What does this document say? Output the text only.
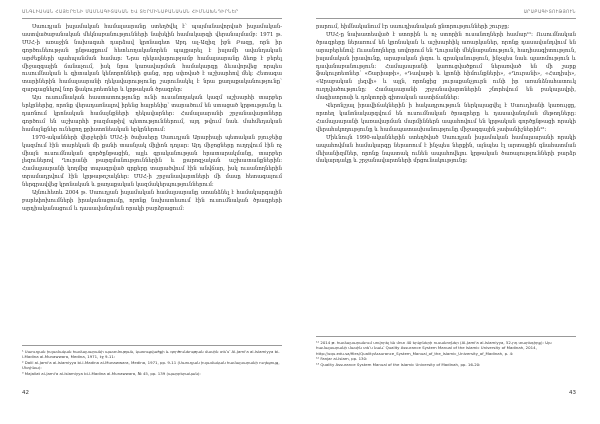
ԱՆԳԼԻԱԿԱՆ ՀԱՅԵՐԵՆԻ ՄԱՍՆԱԳԻՏԱԿԱՆ ԵՎ ՏԵՐՄԻՆԱԲԱՆԱԿԱՆ ՀԻՄՆԱԽՆԴԻՐՆԵՐ

Սաուդյան իսլամական համալսարանը ստեղծվել է՝ պայմանավորված իսլամական-աստվածաբանական մեկնաբանությունների նախկին համակարգի վերանայմամբ: 1971 թ. ՄՍՀ-ի առաջին նախագահ դարձավ կրոնագետ Աբդ ալ-Ազիզ իբն Բազը, որն իր գործունեության ընթացքում հետևողականորեն պայքարել է իսլամի ավանդական արժեքների պահպանման համար: Նրա ղեկավարությամբ համալսարանը ձեռք է բերել միջազգային ճանաչում, իսկ նրա կառավարման համակարգը ձևավորվեց որպես ուսումնական և գիտական կենտրոնների ցանց, որը սփռված է աշխարհով մեկ: Հետագա տարիներին համալսարանի ղեկավարությունը շարունակել է նրա քաղաքականությունը՝ զարգացնելով նոր ֆակուլտետներ և կրթական ծրագրեր:

Այս ուսումնական հաստատությունը ունի ուսանողական կազմ աշխարհի տարբեր երկրներից, որոնք վերադառնալով իրենց հայրենիք՝ տարածում են ստացած կրթությունը և դառնում կրոնական համայնքների ղեկավարներ: Համալսարանի շրջանավարտները գործում են աշխարհի բազմաթիվ պետություններում, այդ թվում նաև մահմեդական համայնքներ ունեցող քրիստոնեական երկրներում:

1970-ականների վերջերին ՄՍՀ-ի ծախսերը Սաուդյան Արաբիայի պետական բյուջեից կազմում էին տարեկան մի քանի տասնյակ միլիոն դոլար: Այդ միջոցները ուղղվում էին ոչ միայն ուսումնական գործընթացին, այլև գրականության հրատարակմանը, տարբեր լեզուներով Ղուրանի թարգմանություններին և քարոզչական աշխատանքներին: Համալսարանի կողմից տպագրված գրքերը տարածվում էին անվճար, իսկ ուսանողներին տրամադրվում էին կրթաթոշակներ: ՄՍՀ-ի շրջանավարտների մի մասը հետագայում ներգրավվեց կրոնական և քաղաքական կազմակերպություններում:

Այնուհետև 2004 թ. Սաուդյան իսլամական համալսարանը ստանձնել է համակարգային բարեփոխումների իրականացումը, որոնք նախատեսում էին ուսումնական ծրագրերի արդիականացում և դասավանդման որակի բարձրացում:

¹ Սաուդյան իսլամական համալսարանի պատմության, կառուցվածքի և գործունեության մասին տե՛ս՝ Al-Jami'a al-Islamiyya bi-l-Madina al-Munawwara, Medina, 1971, էջ 9-11:

² Dalil al-Jami'a al-Islamiyya bi-l-Madina al-Munawwara, Medina, 1971, pp. 9-11 (Սաուդյան իսլամական համալսարանի ուղեցույց, Մեդինա):

³ Majallat al-Jami'a al-Islamiyya bi-l-Madina al-Munawwara, № 45, pp. 139 (պարբերական):

42
ԱՐԱԲԱԳԻՏՈՒԹՅՈՒՆ

րարում, հիմնականում էր սաուդիանական ընտրությունների շուրջը:

ՄՍՀ-ը նախատեսված է ստորին և ոչ ստորին ուսանողների համար¹¹: Ուսումնական ծրագրերը ներառում են կրոնական և աշխարհիկ առարկաներ, որոնք դասավանդվում են արաբերենով: Ուսանողները սովորում են Ղուրանի մեկնաբանություն, հադիսագիտություն, իսլամական իրավունք, արաբական լեզու և գրականություն, ինչպես նաև պատմություն և դավանաբանություն: Համալսարանի կառուցվածքում ներառված են մի շարք ֆակուլտետներ՝ «Շարիաթի», «Դավաթի և կրոնի հիմունքների», «Ղուրանի», «Հադիսի», «Արաբական լեզվի» և այլն, որոնցից յուրաքանչյուրն ունի իր առանձնահատուկ ուղղվածությունը: Համալսարանի շրջանավարտներին շնորհվում են բակալավրի, մագիստրոսի և դոկտորի գիտական աստիճաններ:

Վերոնշյալ իրավիճակներին ի հակադրություն ներկայացվել է Սաուդիանի կառույցը, որտեղ կանոնակարգվում են ուսումնական ծրագրերը և դասավանդման մեթոդները: Համալսարանի կառավարման մարմիններն ապահովում են կրթական գործընթացի որակի վերահսկողությունը և համապատասխանությունը միջազգային չափանիշներին¹²:

Միևնույն 1990-ականներին ստեղծված Սաուդյան իսլամական համալսարանի որակի ապահովման համակարգը ներառում է ինչպես ներքին, այնպես էլ արտաքին գնահատման մեխանիզմներ, որոնք նպատակ ունեն ապահովելու կրթական ծառայությունների բարձր մակարդակը և շրջանավարտների մրցունակությունը:

¹¹ 2014 թ. համալսարանում սովորել են մոտ 40 երկրների ուսանողներ (Al-Jami'a al-Islamiyya, 52-րդ տարեգիրք): Այս համալսարանի մասին տե՛ս նաև՝ Quality Assurance System Manual of the Islamic University of Madinah, 2014, http://uqu.edu.sa/files/QualityAssurance_System_Manual_of_the_Islamic_University_of_Madinah, p. 4:

¹² Fanjar al-Islam, pp. 130:

¹³ Quality Assurance System Manual of the Islamic University of Madinah, pp. 16-20:

43
